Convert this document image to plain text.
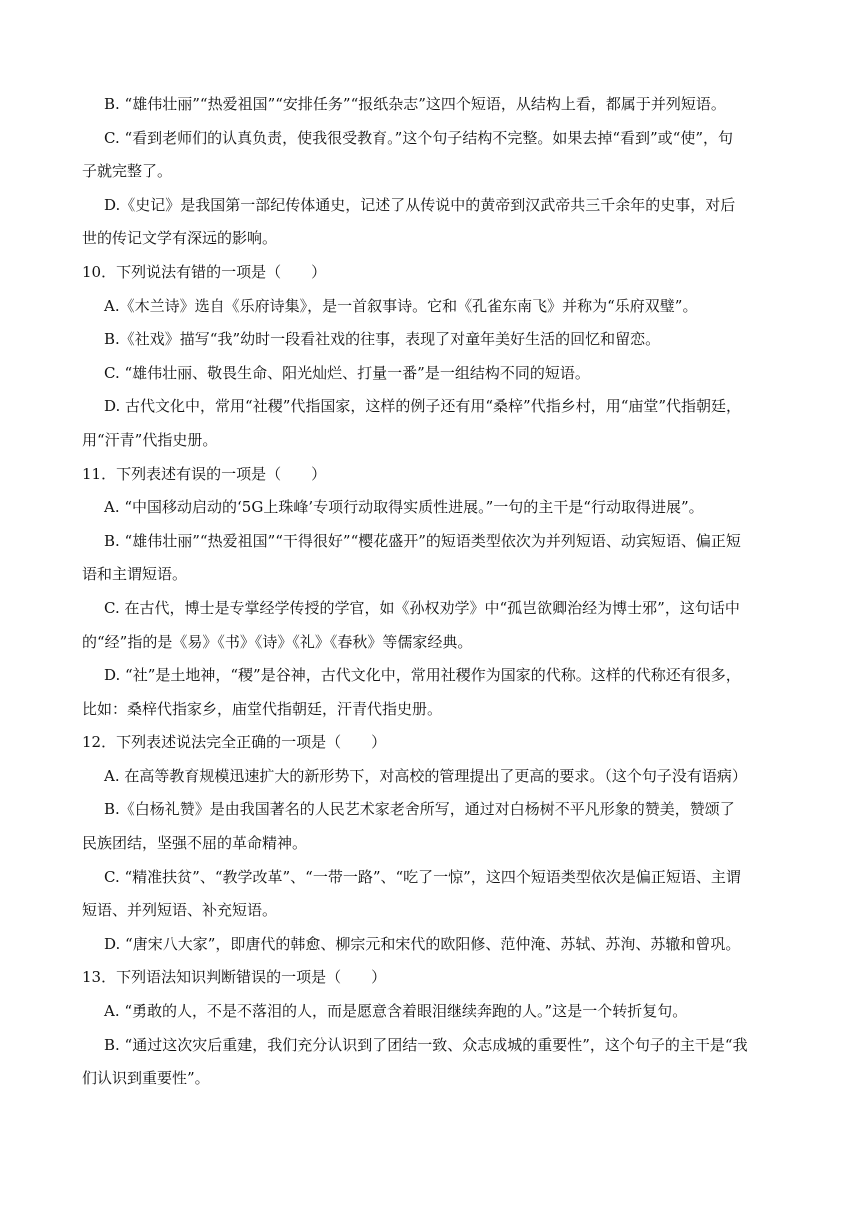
B. “雄伟壮丽”“热爱祖国”“安排任务”“报纸杂志”这四个短语，从结构上看，都属于并列短语。
C. “看到老师们的认真负责，使我很受教育。”这个句子结构不完整。如果去掉“看到”或“使”，句
子就完整了。
D.《史记》是我国第一部纪传体通史，记述了从传说中的黄帝到汉武帝共三千余年的史事，对后
世的传记文学有深远的影响。
10．下列说法有错的一项是（　　）
A.《木兰诗》选自《乐府诗集》，是一首叙事诗。它和《孔雀东南飞》并称为“乐府双璧”。
B.《社戏》描写“我”幼时一段看社戏的往事，表现了对童年美好生活的回忆和留恋。
C. “雄伟壮丽、敬畏生命、阳光灿烂、打量一番”是一组结构不同的短语。
D. 古代文化中，常用“社稷”代指国家，这样的例子还有用“桑梓”代指乡村，用“庙堂”代指朝廷，
用“汗青”代指史册。
11．下列表述有误的一项是（　　）
A. “中国移动启动的‘5G上珠峰’专项行动取得实质性进展。”一句的主干是“行动取得进展”。
B. “雄伟壮丽”“热爱祖国”“干得很好”“樱花盛开”的短语类型依次为并列短语、动宾短语、偏正短
语和主谓短语。
C. 在古代，博士是专掌经学传授的学官，如《孙权劝学》中“孤岂欲卿治经为博士邪”，这句话中
的“经”指的是《易》《书》《诗》《礼》《春秋》等儒家经典。
D. “社”是土地神，“稷”是谷神，古代文化中，常用社稷作为国家的代称。这样的代称还有很多，
比如：桑梓代指家乡，庙堂代指朝廷，汗青代指史册。
12．下列表述说法完全正确的一项是（　　）
A. 在高等教育规模迅速扩大的新形势下，对高校的管理提出了更高的要求。（这个句子没有语病）
B.《白杨礼赞》是由我国著名的人民艺术家老舍所写，通过对白杨树不平凡形象的赞美，赞颂了
民族团结，坚强不屈的革命精神。
C. “精准扶贫”、“教学改革”、“一带一路”、“吃了一惊”，这四个短语类型依次是偏正短语、主谓
短语、并列短语、补充短语。
D. “唐宋八大家”，即唐代的韩愈、柳宗元和宋代的欧阳修、范仲淹、苏轼、苏洵、苏辙和曾巩。
13．下列语法知识判断错误的一项是（　　）
A. “勇敢的人，不是不落泪的人，而是愿意含着眼泪继续奔跑的人。”这是一个转折复句。
B. “通过这次灾后重建，我们充分认识到了团结一致、众志成城的重要性”，这个句子的主干是“我
们认识到重要性”。
